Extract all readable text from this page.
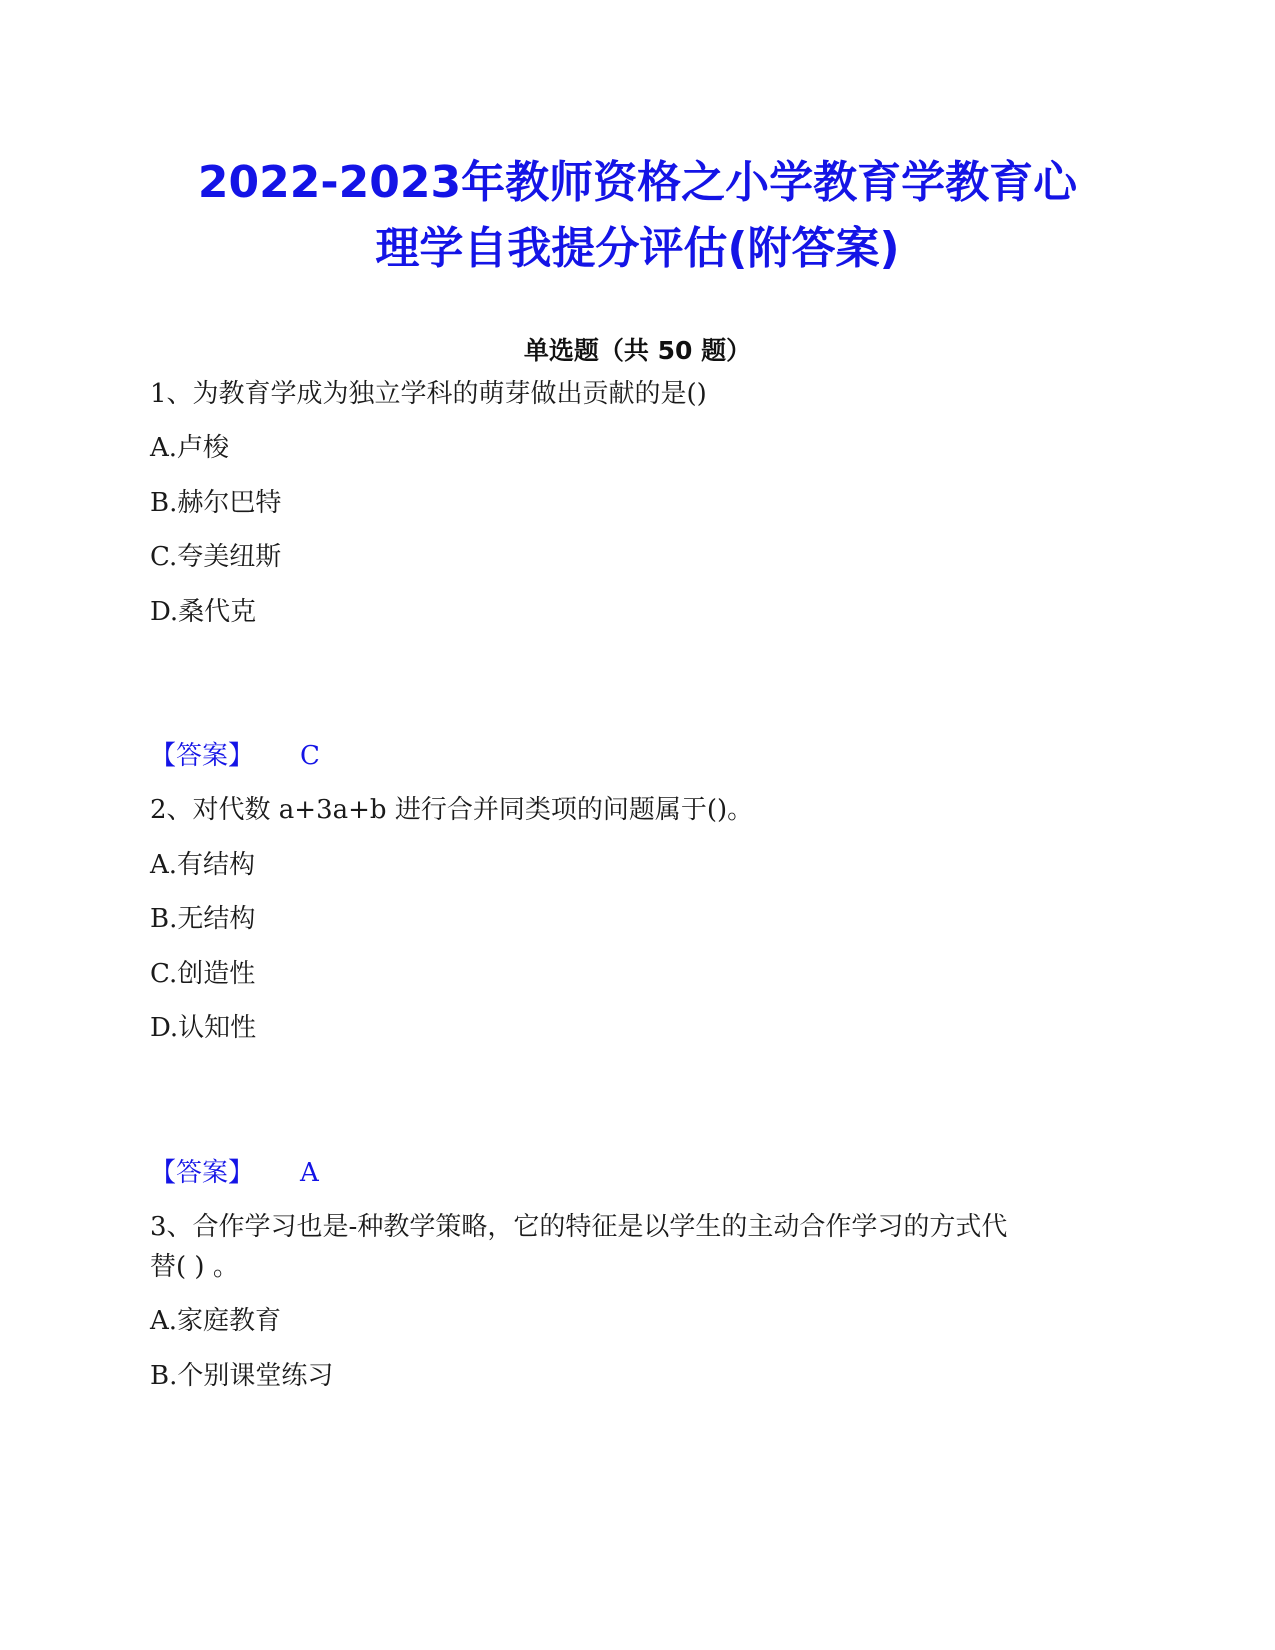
2022-2023年教师资格之小学教育学教育心
理学自我提分评估(附答案)
单选题（共 50 题）
1、为教育学成为独立学科的萌芽做出贡献的是()
A.卢梭
B.赫尔巴特
C.夸美纽斯
D.桑代克
【答案】 C
2、对代数 a+3a+b 进行合并同类项的问题属于()。
A.有结构
B.无结构
C.创造性
D.认知性
【答案】 A
3、合作学习也是-种教学策略，它的特征是以学生的主动合作学习的方式代
替( ) 。
A.家庭教育
B.个别课堂练习
